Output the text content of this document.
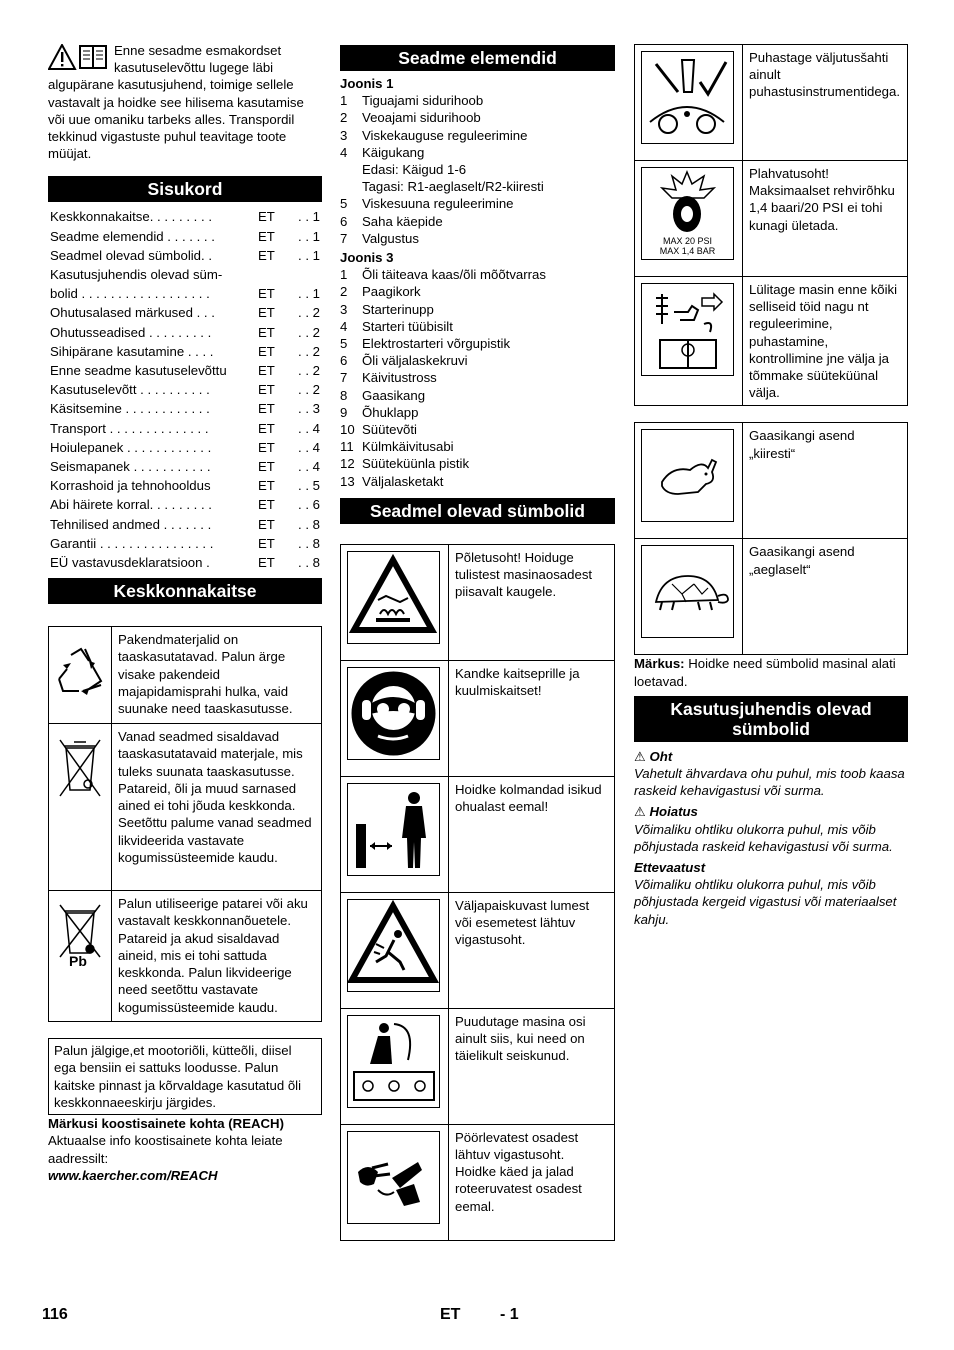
Enne sesadme esmakordset kasutuselevõttu lugege läbi algupärane kasutusjuhend, toimige sellele vastavalt ja hoidke see hilisema kasutamise või uue omaniku tarbeks alles. Transpordil tekkinud vigastuste puhul teavitage toote müüjat.

Sisukord
Keskkonnakaitse. . . . . . . . .	ET	. . 1
Seadme elemendid . . . . . . .	ET	. . 1
Seadmel olevad sümbolid. .	ET	. . 1
Kasutusjuhendis olevad süm-		
bolid . . . . . . . . . . . . . . . . . .	ET	. . 1
Ohutusalased märkused . . .	ET	. . 2
Ohutusseadised . . . . . . . . .	ET	. . 2
Sihipärane kasutamine . . . .	ET	. . 2
Enne seadme kasutuselevõttu	ET	. . 2
Kasutuselevõtt . . . . . . . . . .	ET	. . 2
Käsitsemine . . . . . . . . . . . .	ET	. . 3
Transport . . . . . . . . . . . . . .	ET	. . 4
Hoiulepanek . . . . . . . . . . . .	ET	. . 4
Seismapanek . . . . . . . . . . .	ET	. . 4
Korrashoid ja tehnohooldus	ET	. . 5
Abi häirete korral. . . . . . . . .	ET	. . 6
Tehnilised andmed . . . . . . .	ET	. . 8
Garantii . . . . . . . . . . . . . . . .	ET	. . 8
EÜ vastavusdeklaratsioon .	ET	. . 8
Keskkonnakaitse
	Pakendmaterjalid on taaskasutatavad. Palun ärge visake pakendeid majapidamisprahi hulka, vaid suunake need taaskasutusse.

	Vanad seadmed sisaldavad taaskasutatavaid materjale, mis tuleks suunata taaskasutusse. Patareid, õli ja muud sarnased ained ei tohi jõuda keskkonda. Seetõttu palume vanad seadmed likvideerida vastavate kogumissüsteemide kaudu.

Pb	Palun utiliseerige patarei või aku vastavalt keskkonnanõuetele. Patareid ja akud sisaldavad aineid, mis ei tohi sattuda keskkonda. Palun likvideerige need seetõttu vastavate kogumissüsteemide kaudu.
Palun jälgige,et mootoriõli, kütteõli, diisel ega bensiin ei sattuks loodusse. Palun kaitske pinnast ja kõrvaldage kasutatud õli keskkonnaeeskirju järgides.
Märkusi koostisainete kohta (REACH)
Aktuaalse info koostisainete kohta leiate aadressilt:
www.kaercher.com/REACH
Seadme elemendid
Joonis 1
1 Tiguajami sidurihoob
2 Veoajami sidurihoob
3 Viskekauguse reguleerimine
4 Käigukang
Edasi: Käigud 1-6
Tagasi: R1-aeglaselt/R2-kiiresti
5 Viskesuuna reguleerimine
6 Saha käepide
7 Valgustus
Joonis 3
1 Õli täiteava kaas/õli mõõtvarras
2 Paagikork
3 Starterinupp
4 Starteri tüübisilt
5 Elektrostarteri võrgupistik
6 Õli väljalaskekruvi
7 Käivitustross
8 Gaasikang
9 Õhuklapp
10 Süütevõti
11 Külmkäivitusabi
12 Süüteküünla pistik
13 Väljalasketakt
Seadmel olevad sümbolid
	Põletusoht! Hoiduge tulistest masinaosadest piisavalt kaugele.

	Kandke kaitseprille ja kuulmiskaitset!

	Hoidke kolmandad isikud ohualast eemal!

	Väljapaiskuvast lumest või esemetest lähtuv vigastusoht.

	Puudutage masina osi ainult siis, kui need on täielikult seiskunud.

	Pöörlevatest osadest lähtuv vigastusoht. Hoidke käed ja jalad roteeruvatest osadest eemal.
	Puhastage väljutusšahti ainult puhastusinstrumentidega.

MAX 20 PSI
MAX 1,4 BAR	Plahvatusoht! Maksimaalset rehvirõhku 1,4 baari/20 PSI ei tohi kunagi ületada.

	Lülitage masin enne kõiki selliseid töid nagu nt reguleerimine, puhastamine, kontrollimine jne välja ja tõmmake süüteküünal välja.
	Gaasikangi asend „kiiresti“

	Gaasikangi asend „aeglaselt“
Märkus: Hoidke need sümbolid masinal alati loetavad.
Kasutusjuhendis olevad sümbolid
⚠ Oht
Vahetult ähvardava ohu puhul, mis toob kaasa raskeid kehavigastusi või surma.
⚠ Hoiatus
Võimaliku ohtliku olukorra puhul, mis võib põhjustada raskeid kehavigastusi või surma.
Ettevaatust
Võimaliku ohtliku olukorra puhul, mis võib põhjustada kergeid vigastusi või materiaalset kahju.
116	ET - 1
